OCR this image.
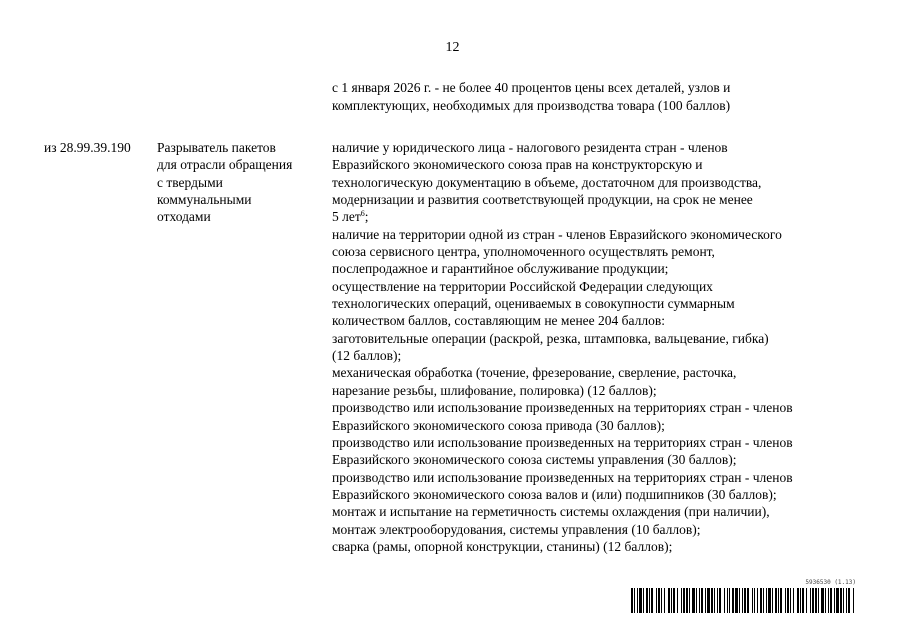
12
с 1 января 2026 г. - не более 40 процентов цены всех деталей, узлов и
комплектующих, необходимых для производства товара (100 баллов)
из 28.99.39.190	Разрыватель пакетов
для отрасли обращения
с твердыми
коммунальными
отходами
наличие у юридического лица - налогового резидента стран - членов
Евразийского экономического союза прав на конструкторскую и
технологическую документацию в объеме, достаточном для производства,
модернизации и развития соответствующей продукции, на срок не менее
5 лет$^6$;
наличие на территории одной из стран - членов Евразийского экономического
союза сервисного центра, уполномоченного осуществлять ремонт,
послепродажное и гарантийное обслуживание продукции;
осуществление на территории Российской Федерации следующих
технологических операций, оцениваемых в совокупности суммарным
количеством баллов, составляющим не менее 204 баллов:
заготовительные операции (раскрой, резка, штамповка, вальцевание, гибка)
(12 баллов);
механическая обработка (точение, фрезерование, сверление, расточка,
нарезание резьбы, шлифование, полировка) (12 баллов);
производство или использование произведенных на территориях стран - членов
Евразийского экономического союза привода (30 баллов);
производство или использование произведенных на территориях стран - членов
Евразийского экономического союза системы управления (30 баллов);
производство или использование произведенных на территориях стран - членов
Евразийского экономического союза валов и (или) подшипников (30 баллов);
монтаж и испытание на герметичность системы охлаждения (при наличии),
монтаж электрооборудования, системы управления (10 баллов);
сварка (рамы, опорной конструкции, станины) (12 баллов);
5936530 (1.13)
